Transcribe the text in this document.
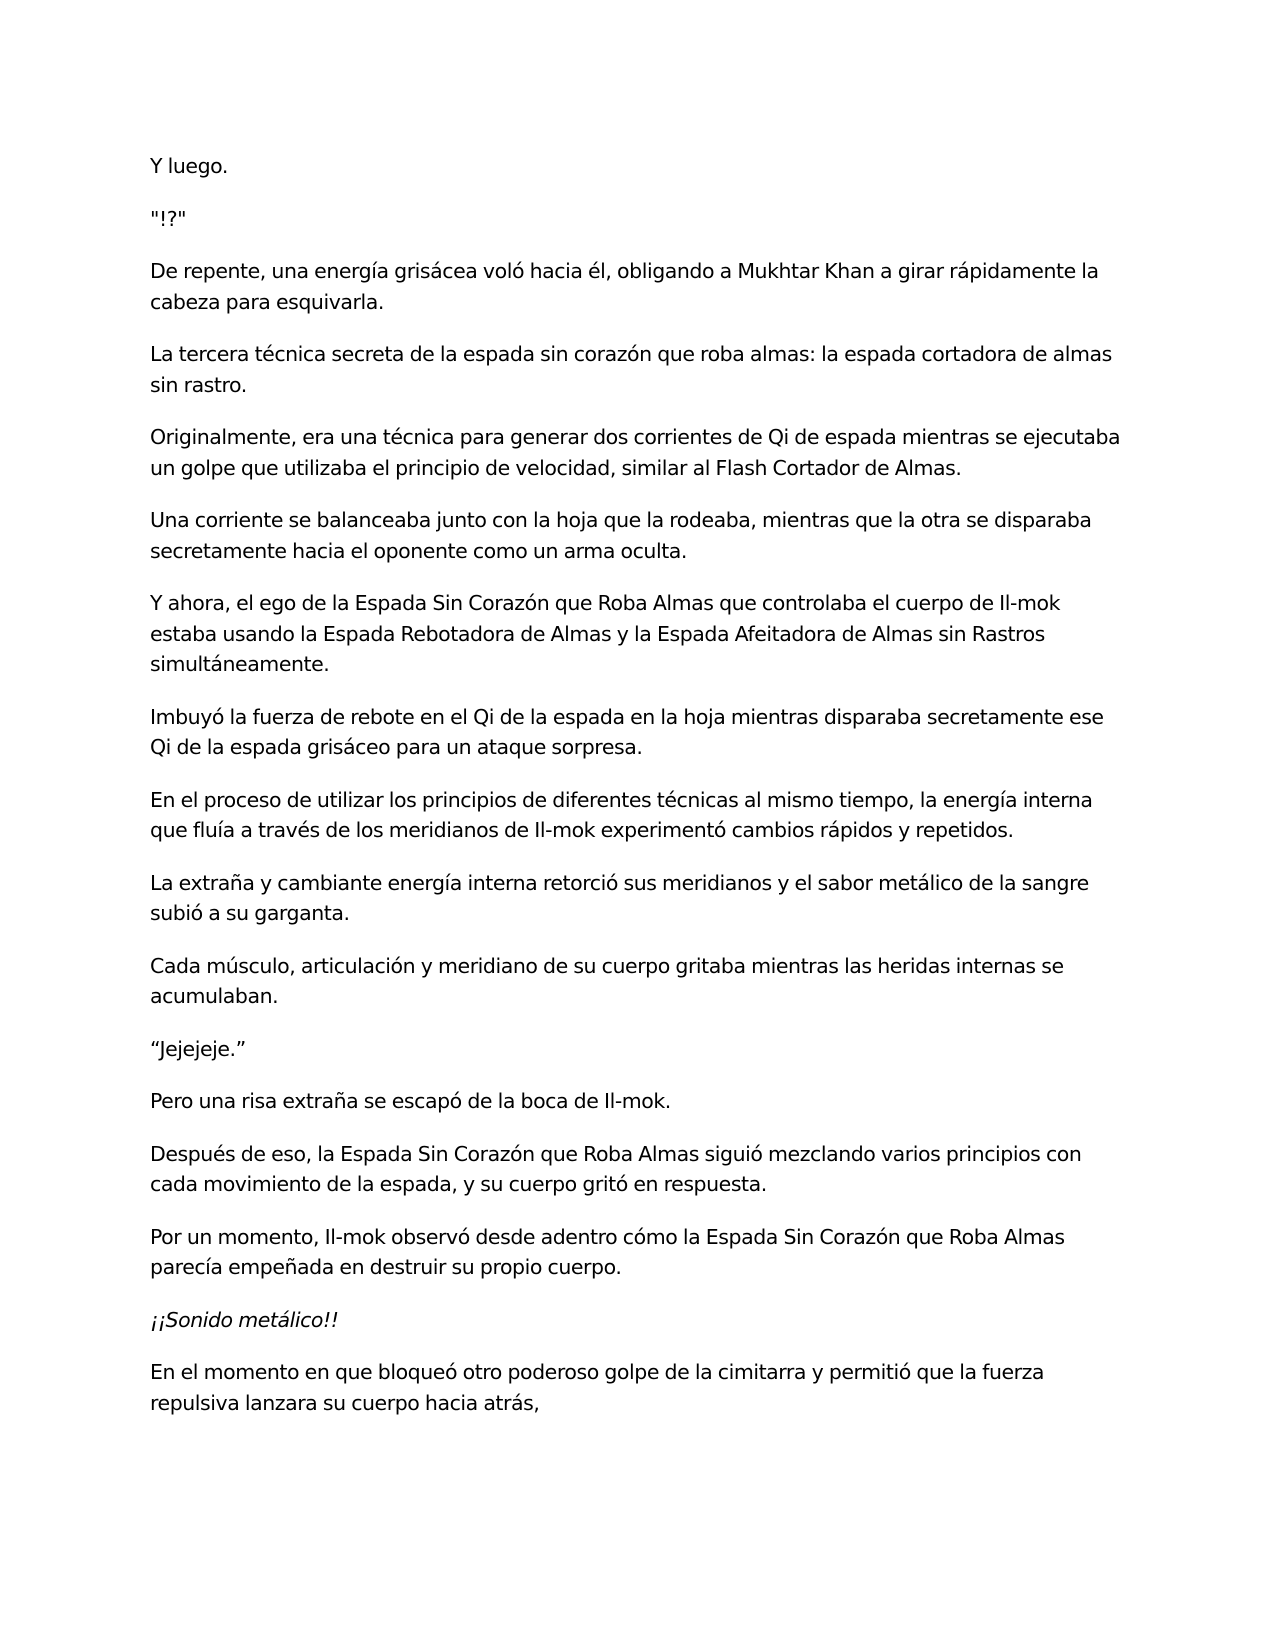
Y luego.

"!?"

De repente, una energía grisácea voló hacia él, obligando a Mukhtar Khan a girar rápidamente la cabeza para esquivarla.

La tercera técnica secreta de la espada sin corazón que roba almas: la espada cortadora de almas sin rastro.

Originalmente, era una técnica para generar dos corrientes de Qi de espada mientras se ejecutaba un golpe que utilizaba el principio de velocidad, similar al Flash Cortador de Almas.

Una corriente se balanceaba junto con la hoja que la rodeaba, mientras que la otra se disparaba secretamente hacia el oponente como un arma oculta.

Y ahora, el ego de la Espada Sin Corazón que Roba Almas que controlaba el cuerpo de Il-mok estaba usando la Espada Rebotadora de Almas y la Espada Afeitadora de Almas sin Rastros simultáneamente.

Imbuyó la fuerza de rebote en el Qi de la espada en la hoja mientras disparaba secretamente ese Qi de la espada grisáceo para un ataque sorpresa.

En el proceso de utilizar los principios de diferentes técnicas al mismo tiempo, la energía interna que fluía a través de los meridianos de Il-mok experimentó cambios rápidos y repetidos.

La extraña y cambiante energía interna retorció sus meridianos y el sabor metálico de la sangre subió a su garganta.

Cada músculo, articulación y meridiano de su cuerpo gritaba mientras las heridas internas se acumulaban.

“Jejejeje.”

Pero una risa extraña se escapó de la boca de Il-mok.

Después de eso, la Espada Sin Corazón que Roba Almas siguió mezclando varios principios con cada movimiento de la espada, y su cuerpo gritó en respuesta.

Por un momento, Il-mok observó desde adentro cómo la Espada Sin Corazón que Roba Almas parecía empeñada en destruir su propio cuerpo.

¡¡Sonido metálico!!

En el momento en que bloqueó otro poderoso golpe de la cimitarra y permitió que la fuerza repulsiva lanzara su cuerpo hacia atrás,
